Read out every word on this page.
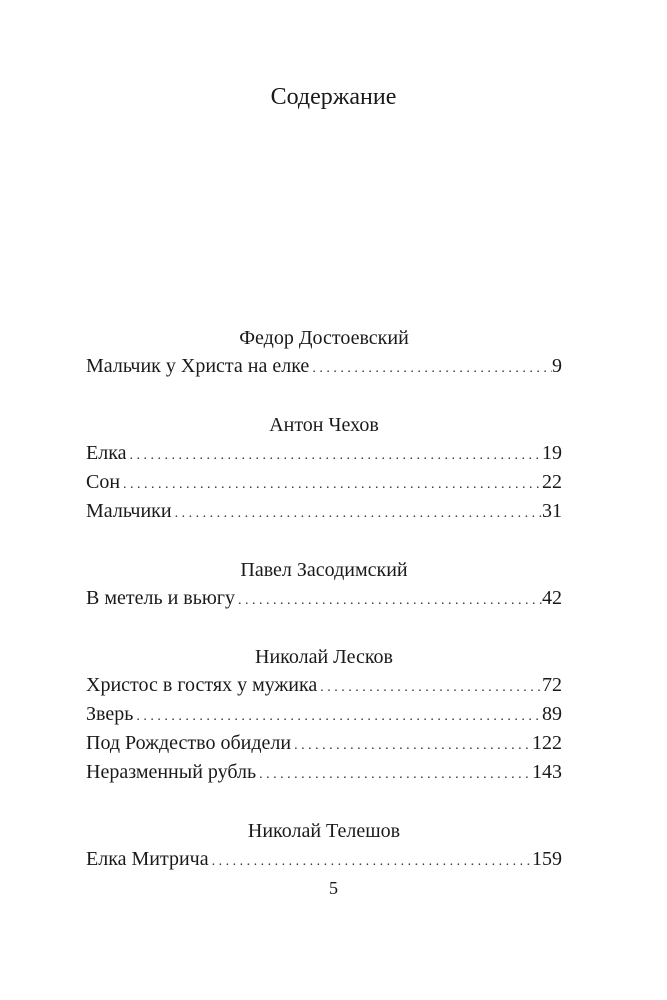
Содержание
Федор Достоевский
Мальчик у Христа на елке . . .	9
Антон Чехов
Елка . . .	19
Сон . . .	22
Мальчики . . .	31
Павел Засодимский
В метель и вьюгу . . .	42
Николай Лесков
Христос в гостях у мужика . . .	72
Зверь . . .	89
Под Рождество обидели . . .	122
Неразменный рубль . . .	143
Николай Телешов
Елка Митрича . . .	159
5
